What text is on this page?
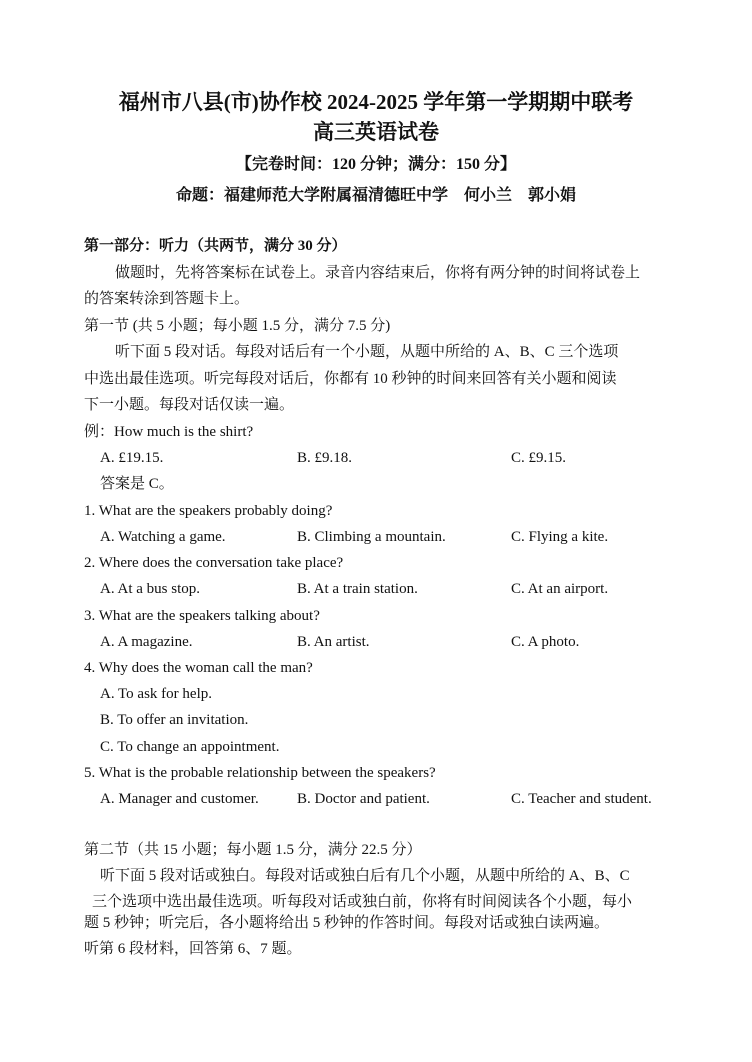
福州市八县(市)协作校 2024-2025 学年第一学期期中联考
高三英语试卷
【完卷时间：120 分钟；满分：150 分】
命题：福建师范大学附属福清德旺中学　何小兰　郭小娟
第一部分：听力（共两节，满分 30 分）
做题时，先将答案标在试卷上。录音内容结束后，你将有两分钟的时间将试卷上
的答案转涂到答题卡上。
第一节 (共 5 小题；每小题 1.5 分，满分 7.5 分)
听下面 5 段对话。每段对话后有一个小题，从题中所给的 A、B、C 三个选项
中选出最佳选项。听完每段对话后，你都有 10 秒钟的时间来回答有关小题和阅读
下一小题。每段对话仅读一遍。
例：How much is the shirt?
A. £19.15.	B. £9.18.	C. £9.15.
答案是 C。
1. What are the speakers probably doing?
A. Watching a game.	B. Climbing a mountain.	C. Flying a kite.
2. Where does the conversation take place?
A. At a bus stop.	B. At a train station.	C. At an airport.
3. What are the speakers talking about?
A. A magazine.	B. An artist.	C. A photo.
4. Why does the woman call the man?
A. To ask for help.
B. To offer an invitation.
C. To change an appointment.
5. What is the probable relationship between the speakers?
A. Manager and customer.	B. Doctor and patient.	C. Teacher and student.
第二节（共 15 小题；每小题 1.5 分，满分 22.5 分）
听下面 5 段对话或独白。每段对话或独白后有几个小题，从题中所给的 A、B、C
三个选项中选出最佳选项。听每段对话或独白前，你将有时间阅读各个小题，每小
题 5 秒钟；听完后，各小题将给出 5 秒钟的作答时间。每段对话或独白读两遍。
听第 6 段材料，回答第 6、7 题。
